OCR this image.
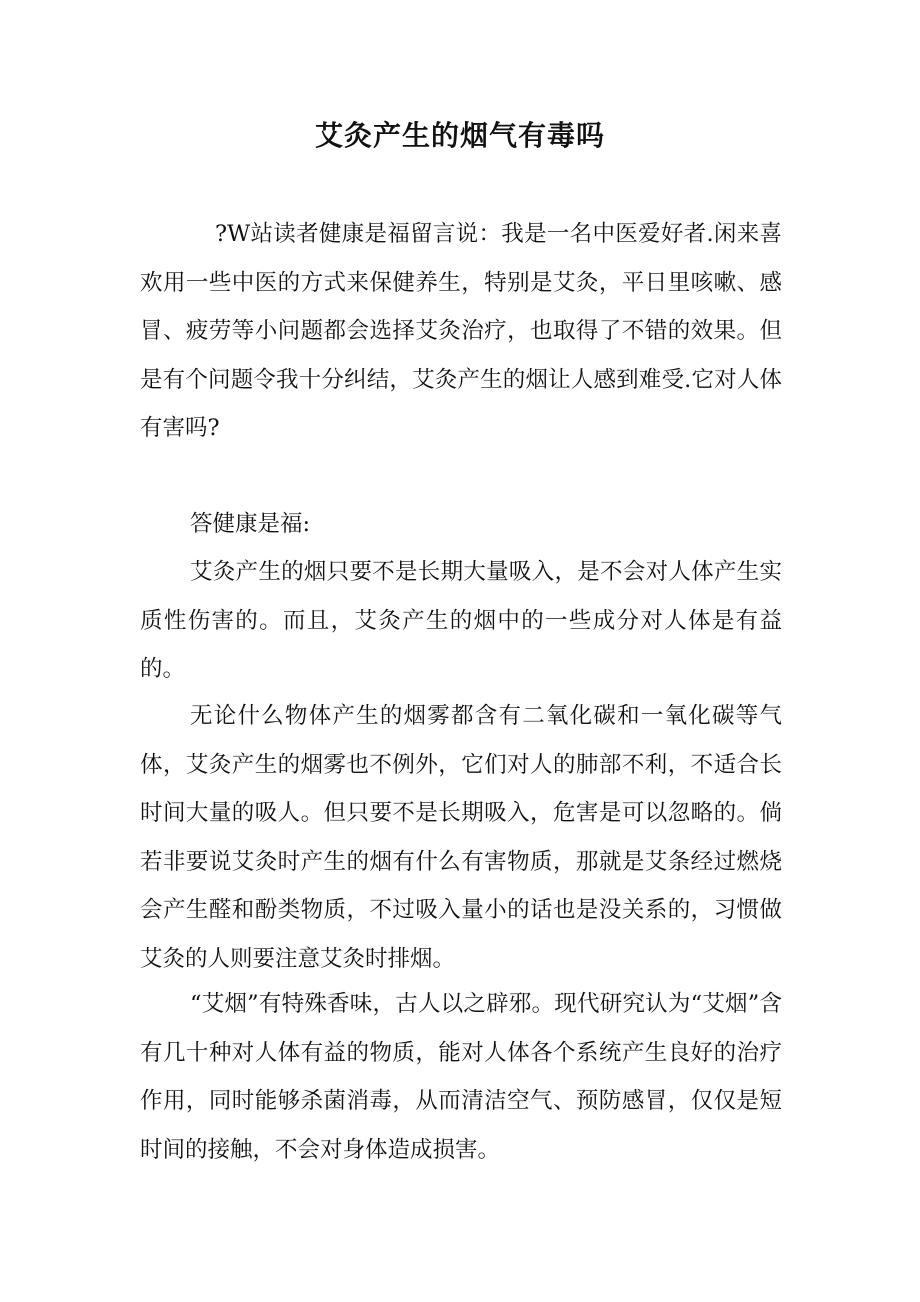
艾灸产生的烟气有毒吗

?W站读者健康是福留言说：我是一名中医爱好者.闲来喜欢用一些中医的方式来保健养生，特别是艾灸，平日里咳嗽、感冒、疲劳等小问题都会选择艾灸治疗，也取得了不错的效果。但是有个问题令我十分纠结，艾灸产生的烟让人感到难受.它对人体有害吗?

答健康是福:

艾灸产生的烟只要不是长期大量吸入，是不会对人体产生实质性伤害的。而且，艾灸产生的烟中的一些成分对人体是有益的。

无论什么物体产生的烟雾都含有二氧化碳和一氧化碳等气体，艾灸产生的烟雾也不例外，它们对人的肺部不利，不适合长时间大量的吸人。但只要不是长期吸入，危害是可以忽略的。倘若非要说艾灸时产生的烟有什么有害物质，那就是艾条经过燃烧会产生醛和酚类物质，不过吸入量小的话也是没关系的，习惯做艾灸的人则要注意艾灸时排烟。

“艾烟”有特殊香味，古人以之辟邪。现代研究认为“艾烟”含有几十种对人体有益的物质，能对人体各个系统产生良好的治疗作用，同时能够杀菌消毒，从而清洁空气、预防感冒，仅仅是短时间的接触，不会对身体造成损害。
